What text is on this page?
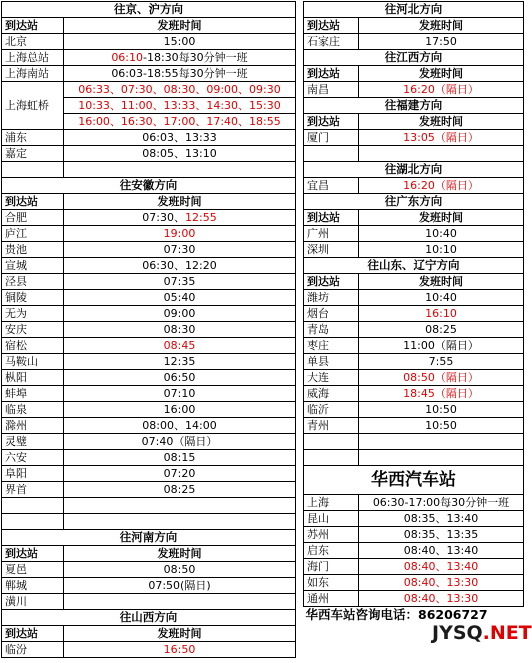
往京、沪方向	
到达站	发班时间
北京	15:00
上海总站	06:10-18:30每30分钟一班
上海南站	06:03-18:55每30分钟一班
上海虹桥	06:33、07:30、08:30、09:00、09:30
	10:33、11:00、13:33、14:30、15:30
	16:00、16:30、17:00、17:40、18:55
浦东	06:03、13:33
嘉定	08:05、13:10

往安徽方向	
到达站	发班时间
合肥	07:30、12:55
庐江	19:00
贵池	07:30
宣城	06:30、12:20
泾县	07:35
铜陵	05:40
无为	09:00
安庆	08:30
宿松	08:45
马鞍山	12:35
枞阳	06:50
蚌埠	07:10
临泉	16:00
滁州	08:00、14:00
灵璧	07:40（隔日）
六安	08:15
阜阳	07:20
界首	08:25

往河南方向	
到达站	发班时间
夏邑	08:50
郸城	07:50(隔日)
潢川	
往山西方向	
到达站	发班时间
临汾	16:50
往河北方向	
到达站	发班时间
石家庄	17:50
往江西方向	
到达站	发班时间
南昌	16:20（隔日）
往福建方向	
到达站	发班时间
厦门	13:05（隔日）

往湖北方向	
宜昌	16:20（隔日）
往广东方向	
到达站	发班时间
广州	10:40
深圳	10:10
往山东、辽宁方向	
到达站	发班时间
潍坊	10:40
烟台	16:10
青岛	08:25
枣庄	11:00（隔日）
单县	7:55
大连	08:50（隔日）
威海	18:45（隔日）
临沂	10:50
青州	10:50

华西汽车站	
上海	06:30-17:00每30分钟一班
昆山	08:35、13:40
苏州	08:35、13:35
启东	08:40、13:40
海门	08:40、13:40
如东	08:40、13:30
通州	08:40、13:30
华西车站咨询电话：86206727	
JYSQ.NET
